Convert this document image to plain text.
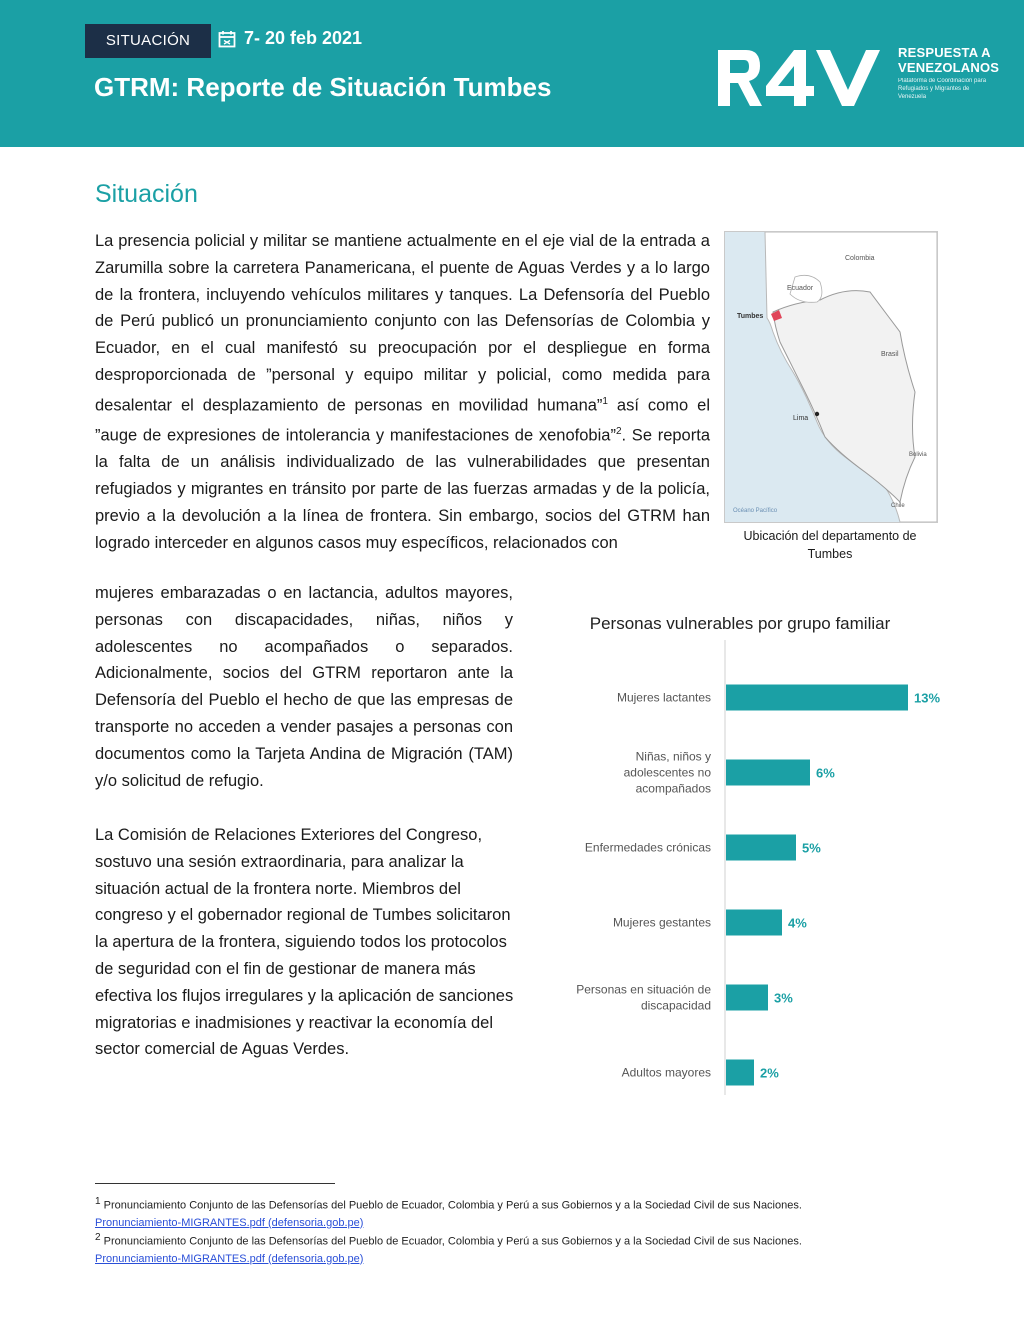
SITUACIÓN	7- 20 feb 2021
GTRM: Reporte de Situación Tumbes
RESPUESTA A
VENEZOLANOS
Plataforma de Coordinación para Refugiados y Migrantes de Venezuela
Situación
La presencia policial y militar se mantiene actualmente en el eje vial de la entrada a Zarumilla sobre la carretera Panamericana, el puente de Aguas Verdes y a lo largo de la frontera, incluyendo vehículos militares y tanques. La Defensoría del Pueblo de Perú publicó un pronunciamiento conjunto con las Defensorías de Colombia y Ecuador, en el cual manifestó su preocupación por el despliegue en forma desproporcionada de ”personal y equipo militar y policial, como medida para desalentar el desplazamiento de personas en movilidad humana”$^1$ así como el ”auge de expresiones de intolerancia y manifestaciones de xenofobia”$^2$. Se reporta la falta de un análisis individualizado de las vulnerabilidades que presentan refugiados y migrantes en tránsito por parte de las fuerzas armadas y de la policía, previo a la devolución a la línea de frontera. Sin embargo, socios del GTRM han logrado interceder en algunos casos muy específicos, relacionados con
mujeres embarazadas o en lactancia, adultos mayores, personas con discapacidades, niñas, niños y adolescentes no acompañados o separados. Adicionalmente, socios del GTRM reportaron ante la Defensoría del Pueblo el hecho de que las empresas de transporte no acceden a vender pasajes a personas con documentos como la Tarjeta Andina de Migración (TAM) y/o solicitud de refugio.
La Comisión de Relaciones Exteriores del Congreso, sostuvo una sesión extraordinaria, para analizar la situación actual de la frontera norte. Miembros del congreso y el gobernador regional de Tumbes solicitaron la apertura de la frontera, siguiendo todos los protocolos de seguridad con el fin de gestionar de manera más efectiva los flujos irregulares y la aplicación de sanciones migratorias e inadmisiones y reactivar la economía del sector comercial de Aguas Verdes.
Colombia
Ecuador
Tumbes
Brasil
Lima
Bolivia
Chile
Océano Pacífico
Ubicación del departamento de Tumbes
Personas vulnerables por grupo familiar
13%
Mujeres lactantes
6%
Niñas, niños y adolescentes no acompañados
5%
Enfermedades crónicas
4%
Mujeres gestantes
3%
Personas en situación de discapacidad
2%
Adultos mayores
$^1$ Pronunciamiento Conjunto de las Defensorías del Pueblo de Ecuador, Colombia y Perú a sus Gobiernos y a la Sociedad Civil de sus Naciones.
Pronunciamiento-MIGRANTES.pdf (defensoria.gob.pe)
$^2$ Pronunciamiento Conjunto de las Defensorías del Pueblo de Ecuador, Colombia y Perú a sus Gobiernos y a la Sociedad Civil de sus Naciones.
Pronunciamiento-MIGRANTES.pdf (defensoria.gob.pe)
